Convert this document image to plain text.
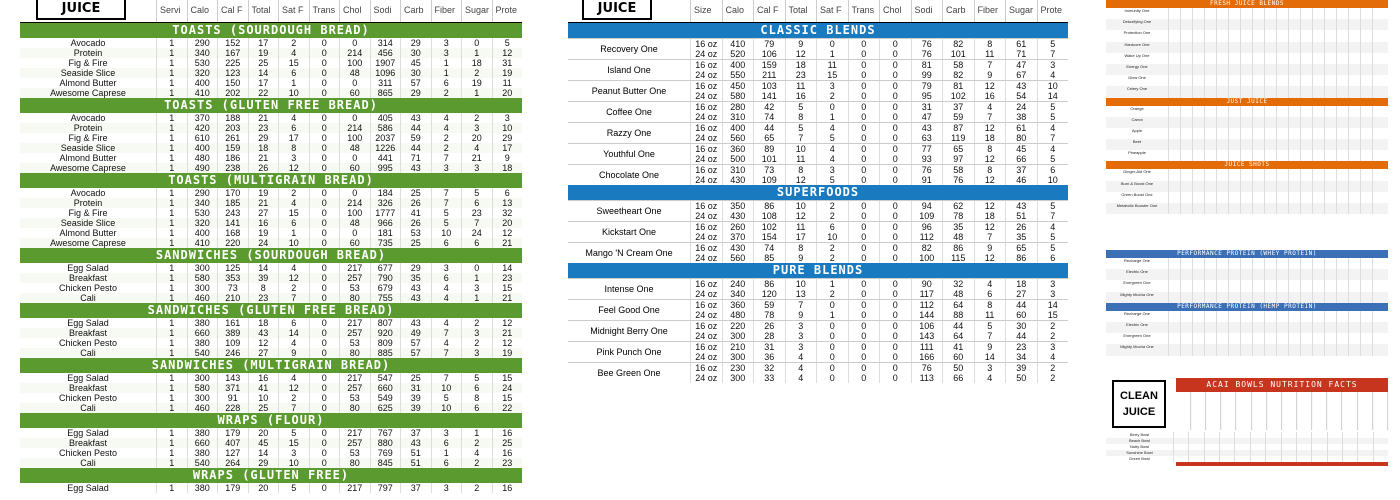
JUICE	Servi	Calo	Cal F Total	Sat F Trans Chol	Sodi	Carb	Fiber	Sugar Prote
TOASTS (SOURDOUGH BREAD)
Avocado	1	290	152	17	2	0	0	314	29	3	0	5
Protein	1	340	167	19	4	0	214	456	30	3	1	12
Fig & Fire	1	530	225	25	15	0	100	1907	45	1	18	31
Seaside Slice	1	320	123	14	6	0	48	1096	30	1	2	19
Almond Butter	1	400	150	17	1	0	0	311	57	6	19	11
Awesome Caprese	1	410	202	22	10	0	60	865	29	2	1	20
TOASTS (GLUTEN FREE BREAD)
Avocado	1	370	188	21	4	0	0	405	43	4	2	3
Protein	1	420	203	23	6	0	214	586	44	4	3	10
Fig & Fire	1	610	261	29	17	0	100	2037	59	2	20	29
Seaside Slice	1	400	159	18	8	0	48	1226	44	2	4	17
Almond Butter	1	480	186	21	3	0	0	441	71	7	21	9
Awesome Caprese	1	490	238	26	12	0	60	995	43	3	3	18
TOASTS (MULTIGRAIN BREAD)
Avocado	1	290	170	19	2	0	0	184	25	7	5	6
Protein	1	340	185	21	4	0	214	326	26	7	6	13
Fig & Fire	1	530	243	27	15	0	100	1777	41	5	23	32
Seaside Slice	1	320	141	16	6	0	48	966	26	5	7	20
Almond Butter	1	400	168	19	1	0	0	181	53	10	24	12
Awesome Caprese	1	410	220	24	10	0	60	735	25	6	6	21
SANDWICHES (SOURDOUGH BREAD)
Egg Salad	1	300	125	14	4	0	217	677	29	3	0	14
Breakfast	1	580	353	39	12	0	257	790	35	6	1	23
Chicken Pesto	1	300	73	8	2	0	53	679	43	4	3	15
Cali	1	460	210	23	7	0	80	755	43	4	1	21
SANDWICHES (GLUTEN FREE BREAD)
Egg Salad	1	380	161	18	6	0	217	807	43	4	2	12
Breakfast	1	660	389	43	14	0	257	920	49	7	3	21
Chicken Pesto	1	380	109	12	4	0	53	809	57	4	2	12
Cali	1	540	246	27	9	0	80	885	57	7	3	19
SANDWICHES (MULTIGRAIN BREAD)
Egg Salad	1	300	143	16	4	0	217	547	25	7	5	15
Breakfast	1	580	371	41	12	0	257	660	31	10	6	24
Chicken Pesto	1	300	91	10	2	0	53	549	39	5	8	15
Cali	1	460	228	25	7	0	80	625	39	10	6	22
WRAPS (FLOUR)
Egg Salad	1	380	179	20	5	0	217	767	37	3	1	16
Breakfast	1	660	407	45	15	0	257	880	43	6	2	25
Chicken Pesto	1	380	127	14	3	0	53	769	51	1	4	16
Cali	1	540	264	29	10	0	80	845	51	6	2	23
WRAPS (GLUTEN FREE)
Egg Salad	1	380	179	20	5	0	217	797	37	3	2	16
JUICE	Size	Calo	Cal F	Total	Sat F	Trans Chol	Sodi	Carb	Fiber	Sugar Prote
CLASSIC BLENDS
Recovery One	16 oz	410	79	9	0	0	0	76	82	8	61	5
24 oz	520	106	12	1	0	0	76	101	11	71	7
Island One	16 oz	400	159	18	11	0	0	81	58	7	47	3
24 oz	550	211	23	15	0	0	99	82	9	67	4
Peanut Butter One	16 oz	450	103	11	3	0	0	79	81	12	43	10
24 oz	580	141	16	2	0	0	95	102	16	54	14
Coffee One	16 oz	280	42	5	0	0	0	31	37	4	24	5
24 oz	310	74	8	1	0	0	47	59	7	38	5
Razzy One	16 oz	400	44	5	4	0	0	43	87	12	61	4
24 oz	560	65	7	5	0	0	63	119	18	80	7
Youthful One	16 oz	360	89	10	4	0	0	77	65	8	45	4
24 oz	500	101	11	4	0	0	93	97	12	66	5
Chocolate One	16 oz	310	73	8	3	0	0	76	58	8	37	6
24 oz	430	109	12	5	0	0	91	76	12	46	10
SUPERFOODS
Sweetheart One	16 oz	350	86	10	2	0	0	94	62	12	43	5
24 oz	430	108	12	2	0	0	109	78	18	51	7
Kickstart One	16 oz	260	102	11	6	0	0	96	35	12	26	4
24 oz	370	154	17	10	0	0	112	48	7	35	5
Mango 'N Cream One	16 oz	430	74	8	2	0	0	82	86	9	65	5
24 oz	560	85	9	2	0	0	100	115	12	86	6
PURE BLENDS
Intense One	16 oz	240	86	10	1	0	0	90	32	4	18	3
24 oz	340	120	13	2	0	0	117	48	6	27	3
Feel Good One	16 oz	360	59	7	0	0	0	112	64	8	44	14
24 oz	480	78	9	1	0	0	144	88	11	60	15
Midnight Berry One	16 oz	220	26	3	0	0	0	106	44	5	30	2
24 oz	300	28	3	0	0	0	143	64	7	44	2
Pink Punch One	16 oz	210	31	3	0	0	0	111	41	9	23	3
24 oz	300	36	4	0	0	0	166	60	14	34	4
Bee Green One	16 oz	230	32	4	0	0	0	76	50	3	39	2
24 oz	300	33	4	0	0	0	113	66	4	50	2
FRESH JUICE BLENDS
Immunity One
Detoxifying One
Protection One
Hardcore One
Wake Up One
Energy One
Glow One
Celery One
JUST JUICE
Orange
Carrot
Apple
Beet
Pineapple
JUICE SHOTS
Ginger-Aid One
Burn & Boost One
Green Boost One
Metabolic Booster One
PERFORMANCE PROTEIN (WHEY PROTEIN)
Recharge One
Electric One
Evergreen One
Mighty Mocha One
PERFORMANCE PROTEIN (HEMP PROTEIN)
Recharge One
Electric One
Evergreen One
Mighty Mocha One
CLEAN
JUICE
ACAI BOWLS NUTRITION FACTS
Berry Bowl
Beach Bowl
Nutty Bowl
Sunshine Bowl
Green Bowl
